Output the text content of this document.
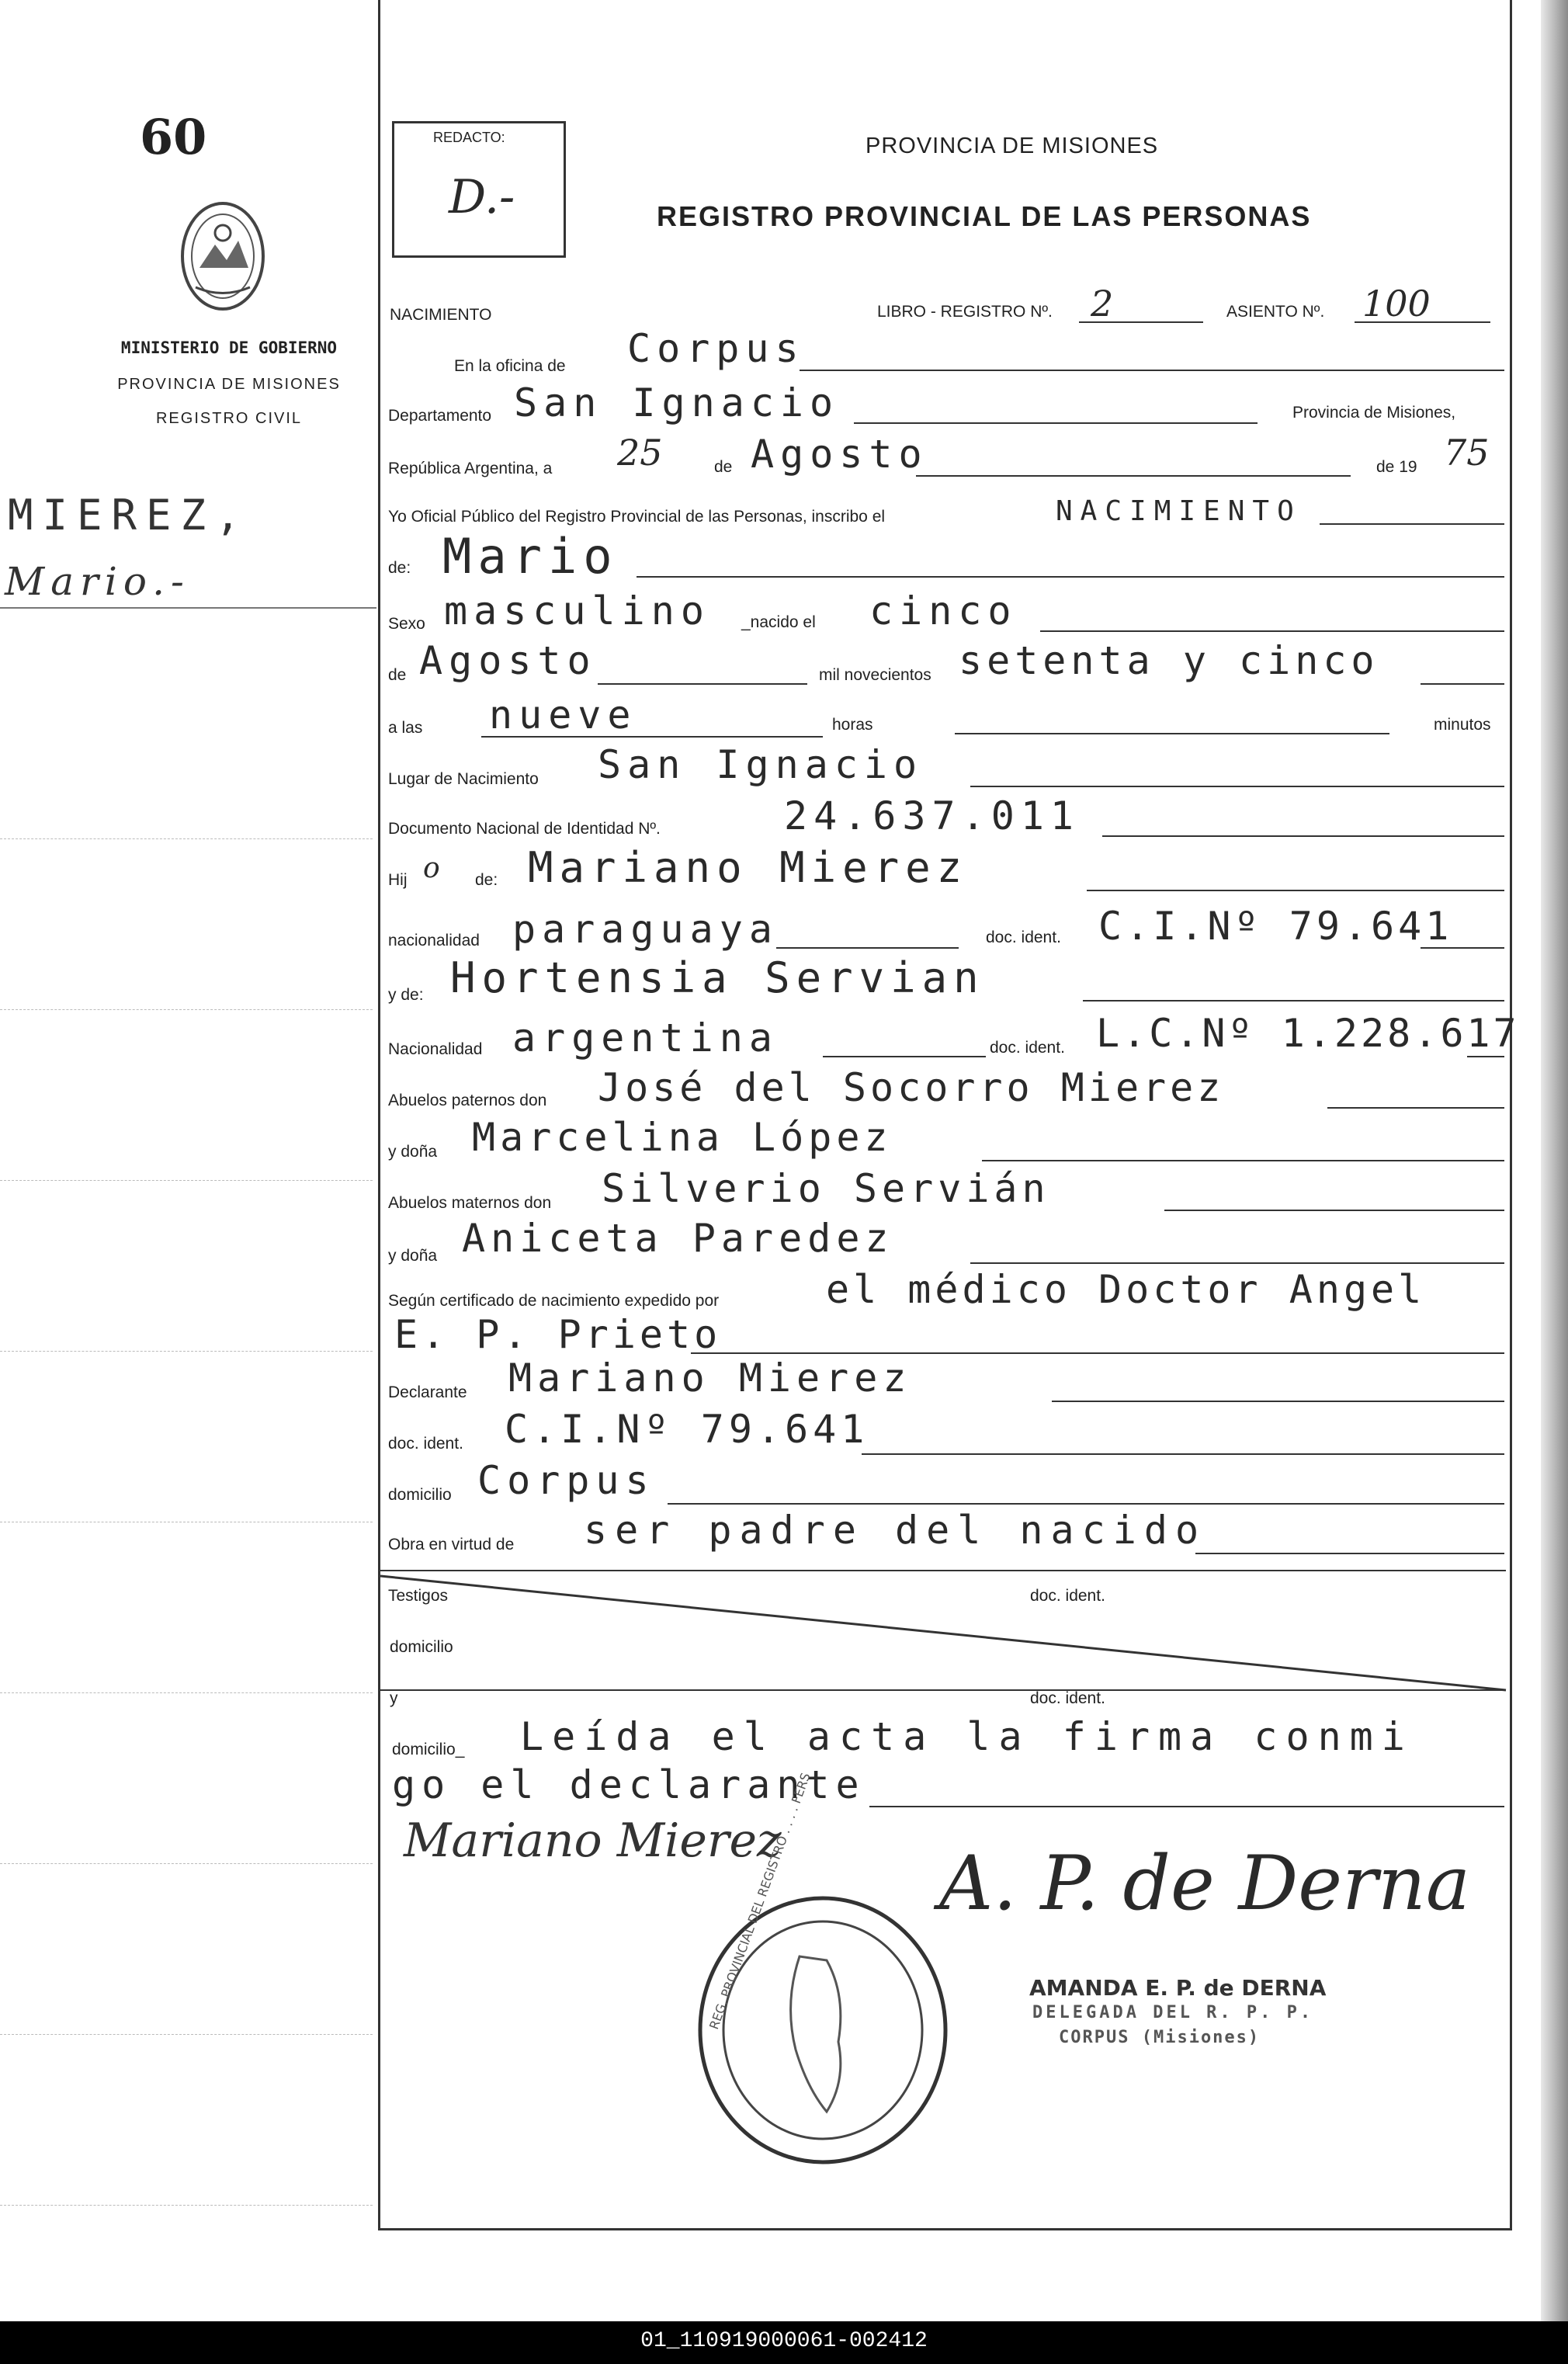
60
MINISTERIO DE GOBIERNO
PROVINCIA DE MISIONES
REGISTRO CIVIL
MIEREZ,
Mario.-
REDACTO:
D.-
PROVINCIA DE MISIONES
REGISTRO PROVINCIAL DE LAS PERSONAS
NACIMIENTO	LIBRO - REGISTRO Nº. 2	ASIENTO Nº. 100
En la oficina de Corpus
Departamento San Ignacio	Provincia de Misiones,
República Argentina, a 25	de Agosto	de 19 75
Yo Oficial Público del Registro Provincial de las Personas, inscribo el	NACIMIENTO
de: Mario
Sexo masculino _nacido el cinco
de Agosto	mil novecientos setenta y cinco
a las nueve	horas	minutos
Lugar de Nacimiento San Ignacio
Documento Nacional de Identidad Nº.	24.637.011
Hij o de: Mariano Mierez
nacionalidad paraguaya	doc. ident. C.I.Nº 79.641
y de: Hortensia Servian
Nacionalidad argentina	doc. ident. L.C.Nº 1.228.617
Abuelos paternos don José del Socorro Mierez
y doña Marcelina López
Abuelos maternos don Silverio Servián
y doña Aniceta Paredez
Según certificado de nacimiento expedido por	el médico Doctor Angel
E. P. Prieto
Declarante Mariano Mierez
doc. ident. C.I.Nº 79.641
domicilio Corpus
Obra en virtud de ser padre del nacido
Testigos	doc. ident.
domicilio
y	doc. ident.
domicilio_ Leída el acta la firma conmi
go el declarante
Mariano Mierez
REG. PROVINCIAL DEL REGISTRO . . . . FERS A. P. de Derna
AMANDA E. P. de DERNA
DELEGADA DEL R. P. P.
CORPUS (Misiones)
01_110919000061-002412
